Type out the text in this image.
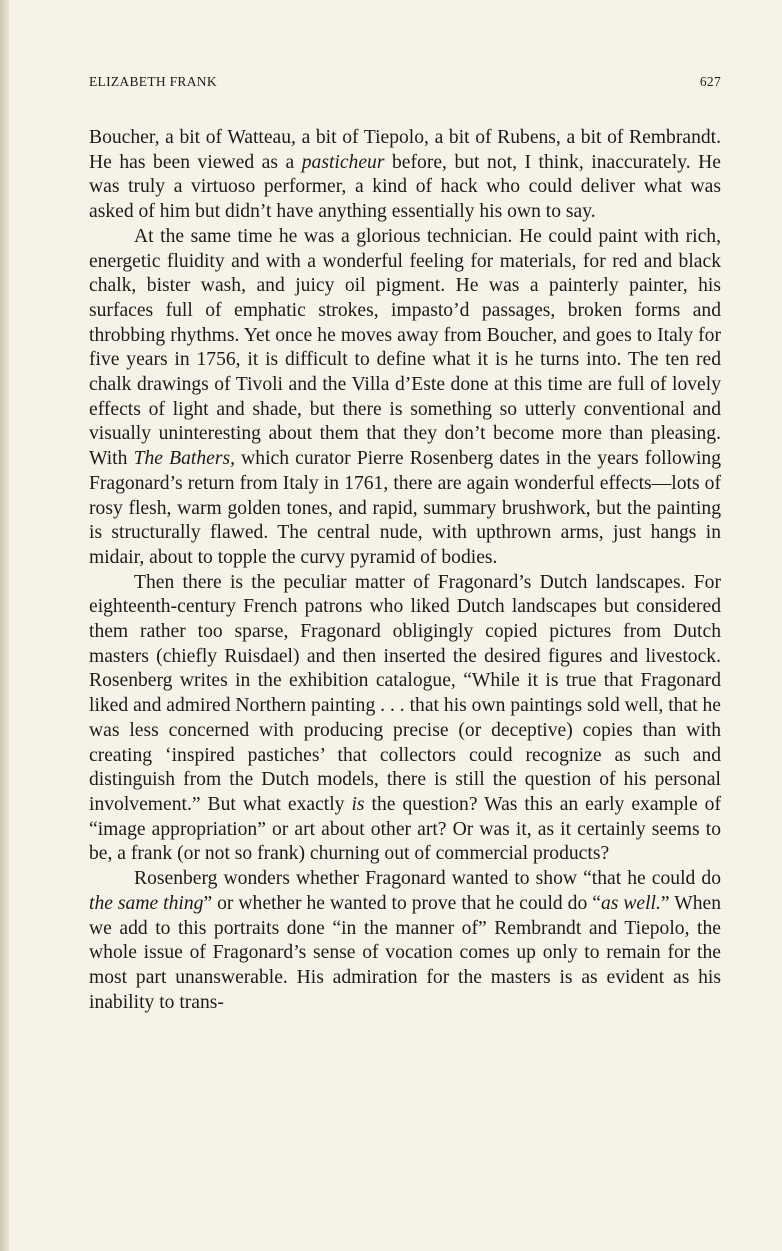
ELIZABETH FRANK	627

Boucher, a bit of Watteau, a bit of Tiepolo, a bit of Rubens, a bit of Rembrandt. He has been viewed as a pasticheur before, but not, I think, inaccurately. He was truly a virtuoso performer, a kind of hack who could deliver what was asked of him but didn’t have anything essentially his own to say.

At the same time he was a glorious technician. He could paint with rich, energetic fluidity and with a wonderful feeling for materials, for red and black chalk, bister wash, and juicy oil pigment. He was a painterly painter, his surfaces full of emphatic strokes, impasto’d passages, broken forms and throbbing rhythms. Yet once he moves away from Boucher, and goes to Italy for five years in 1756, it is difficult to define what it is he turns into. The ten red chalk drawings of Tivoli and the Villa d’Este done at this time are full of lovely effects of light and shade, but there is something so utterly conventional and visually uninteresting about them that they don’t become more than pleasing. With The Bathers, which curator Pierre Rosenberg dates in the years following Fragonard’s return from Italy in 1761, there are again wonderful effects—lots of rosy flesh, warm golden tones, and rapid, summary brushwork, but the painting is structurally flawed. The central nude, with upthrown arms, just hangs in midair, about to topple the curvy pyramid of bodies.

Then there is the peculiar matter of Fragonard’s Dutch landscapes. For eighteenth-century French patrons who liked Dutch landscapes but considered them rather too sparse, Fragonard obligingly copied pictures from Dutch masters (chiefly Ruisdael) and then inserted the desired figures and livestock. Rosenberg writes in the exhibition catalogue, “While it is true that Fragonard liked and admired Northern painting . . . that his own paintings sold well, that he was less concerned with producing precise (or deceptive) copies than with creating ‘inspired pastiches’ that collectors could recognize as such and distinguish from the Dutch models, there is still the question of his personal involvement.” But what exactly is the question? Was this an early example of “image appropriation” or art about other art? Or was it, as it certainly seems to be, a frank (or not so frank) churning out of commercial products?

Rosenberg wonders whether Fragonard wanted to show “that he could do the same thing” or whether he wanted to prove that he could do “as well.” When we add to this portraits done “in the manner of” Rembrandt and Tiepolo, the whole issue of Fragonard’s sense of vocation comes up only to remain for the most part unanswerable. His admiration for the masters is as evident as his inability to trans-
